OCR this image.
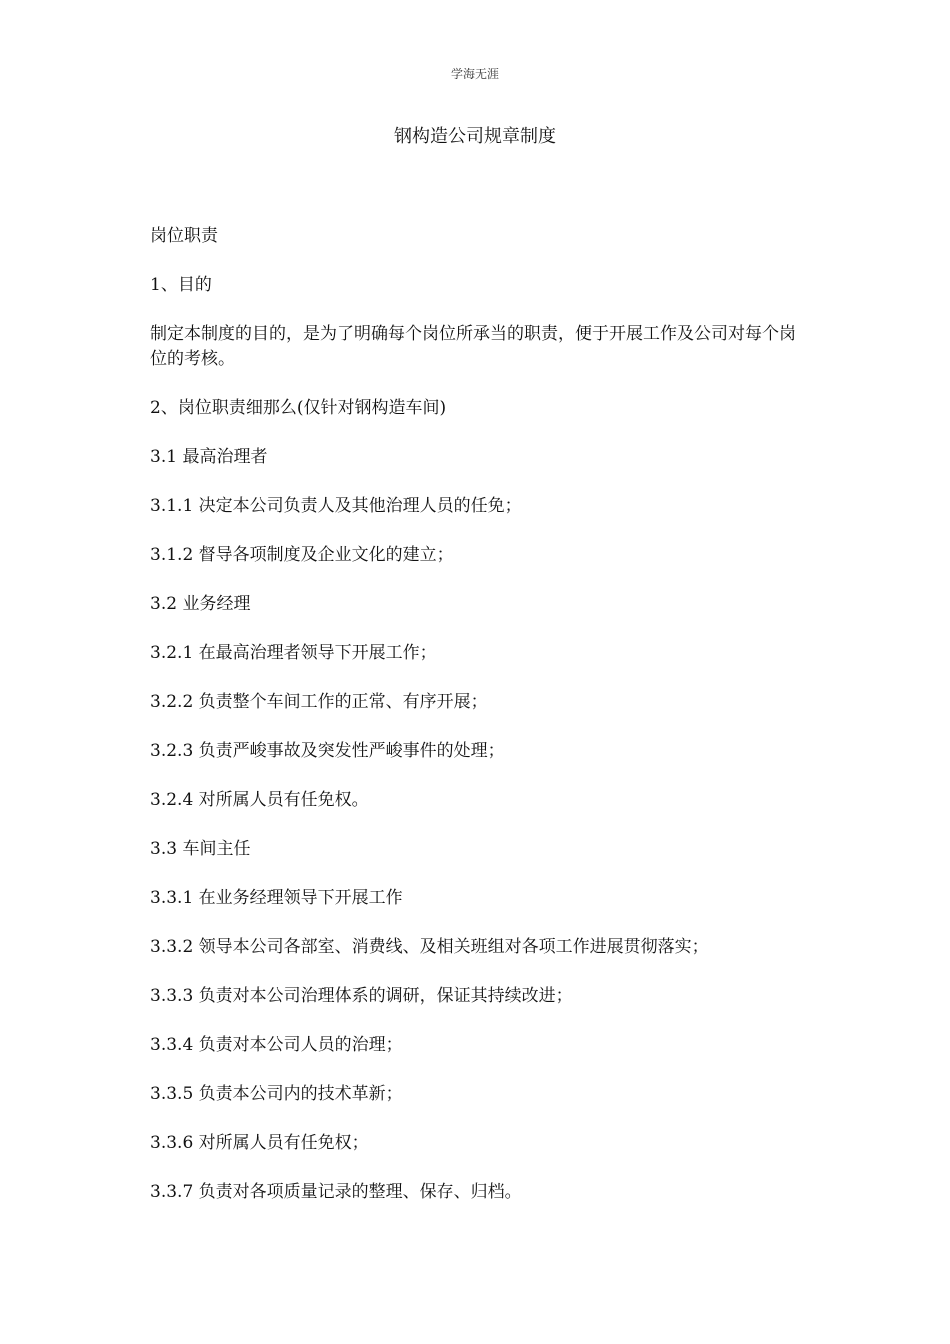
学海无涯
钢构造公司规章制度

岗位职责

1、目的

制定本制度的目的，是为了明确每个岗位所承当的职责，便于开展工作及公司对每个岗位的考核。

2、岗位职责细那么(仅针对钢构造车间)

3.1 最高治理者

3.1.1 决定本公司负责人及其他治理人员的任免；

3.1.2 督导各项制度及企业文化的建立；

3.2 业务经理

3.2.1 在最高治理者领导下开展工作；

3.2.2 负责整个车间工作的正常、有序开展；

3.2.3 负责严峻事故及突发性严峻事件的处理；

3.2.4 对所属人员有任免权。

3.3 车间主任

3.3.1 在业务经理领导下开展工作

3.3.2 领导本公司各部室、消费线、及相关班组对各项工作进展贯彻落实；

3.3.3 负责对本公司治理体系的调研，保证其持续改进；

3.3.4 负责对本公司人员的治理；

3.3.5 负责本公司内的技术革新；

3.3.6 对所属人员有任免权；

3.3.7 负责对各项质量记录的整理、保存、归档。
